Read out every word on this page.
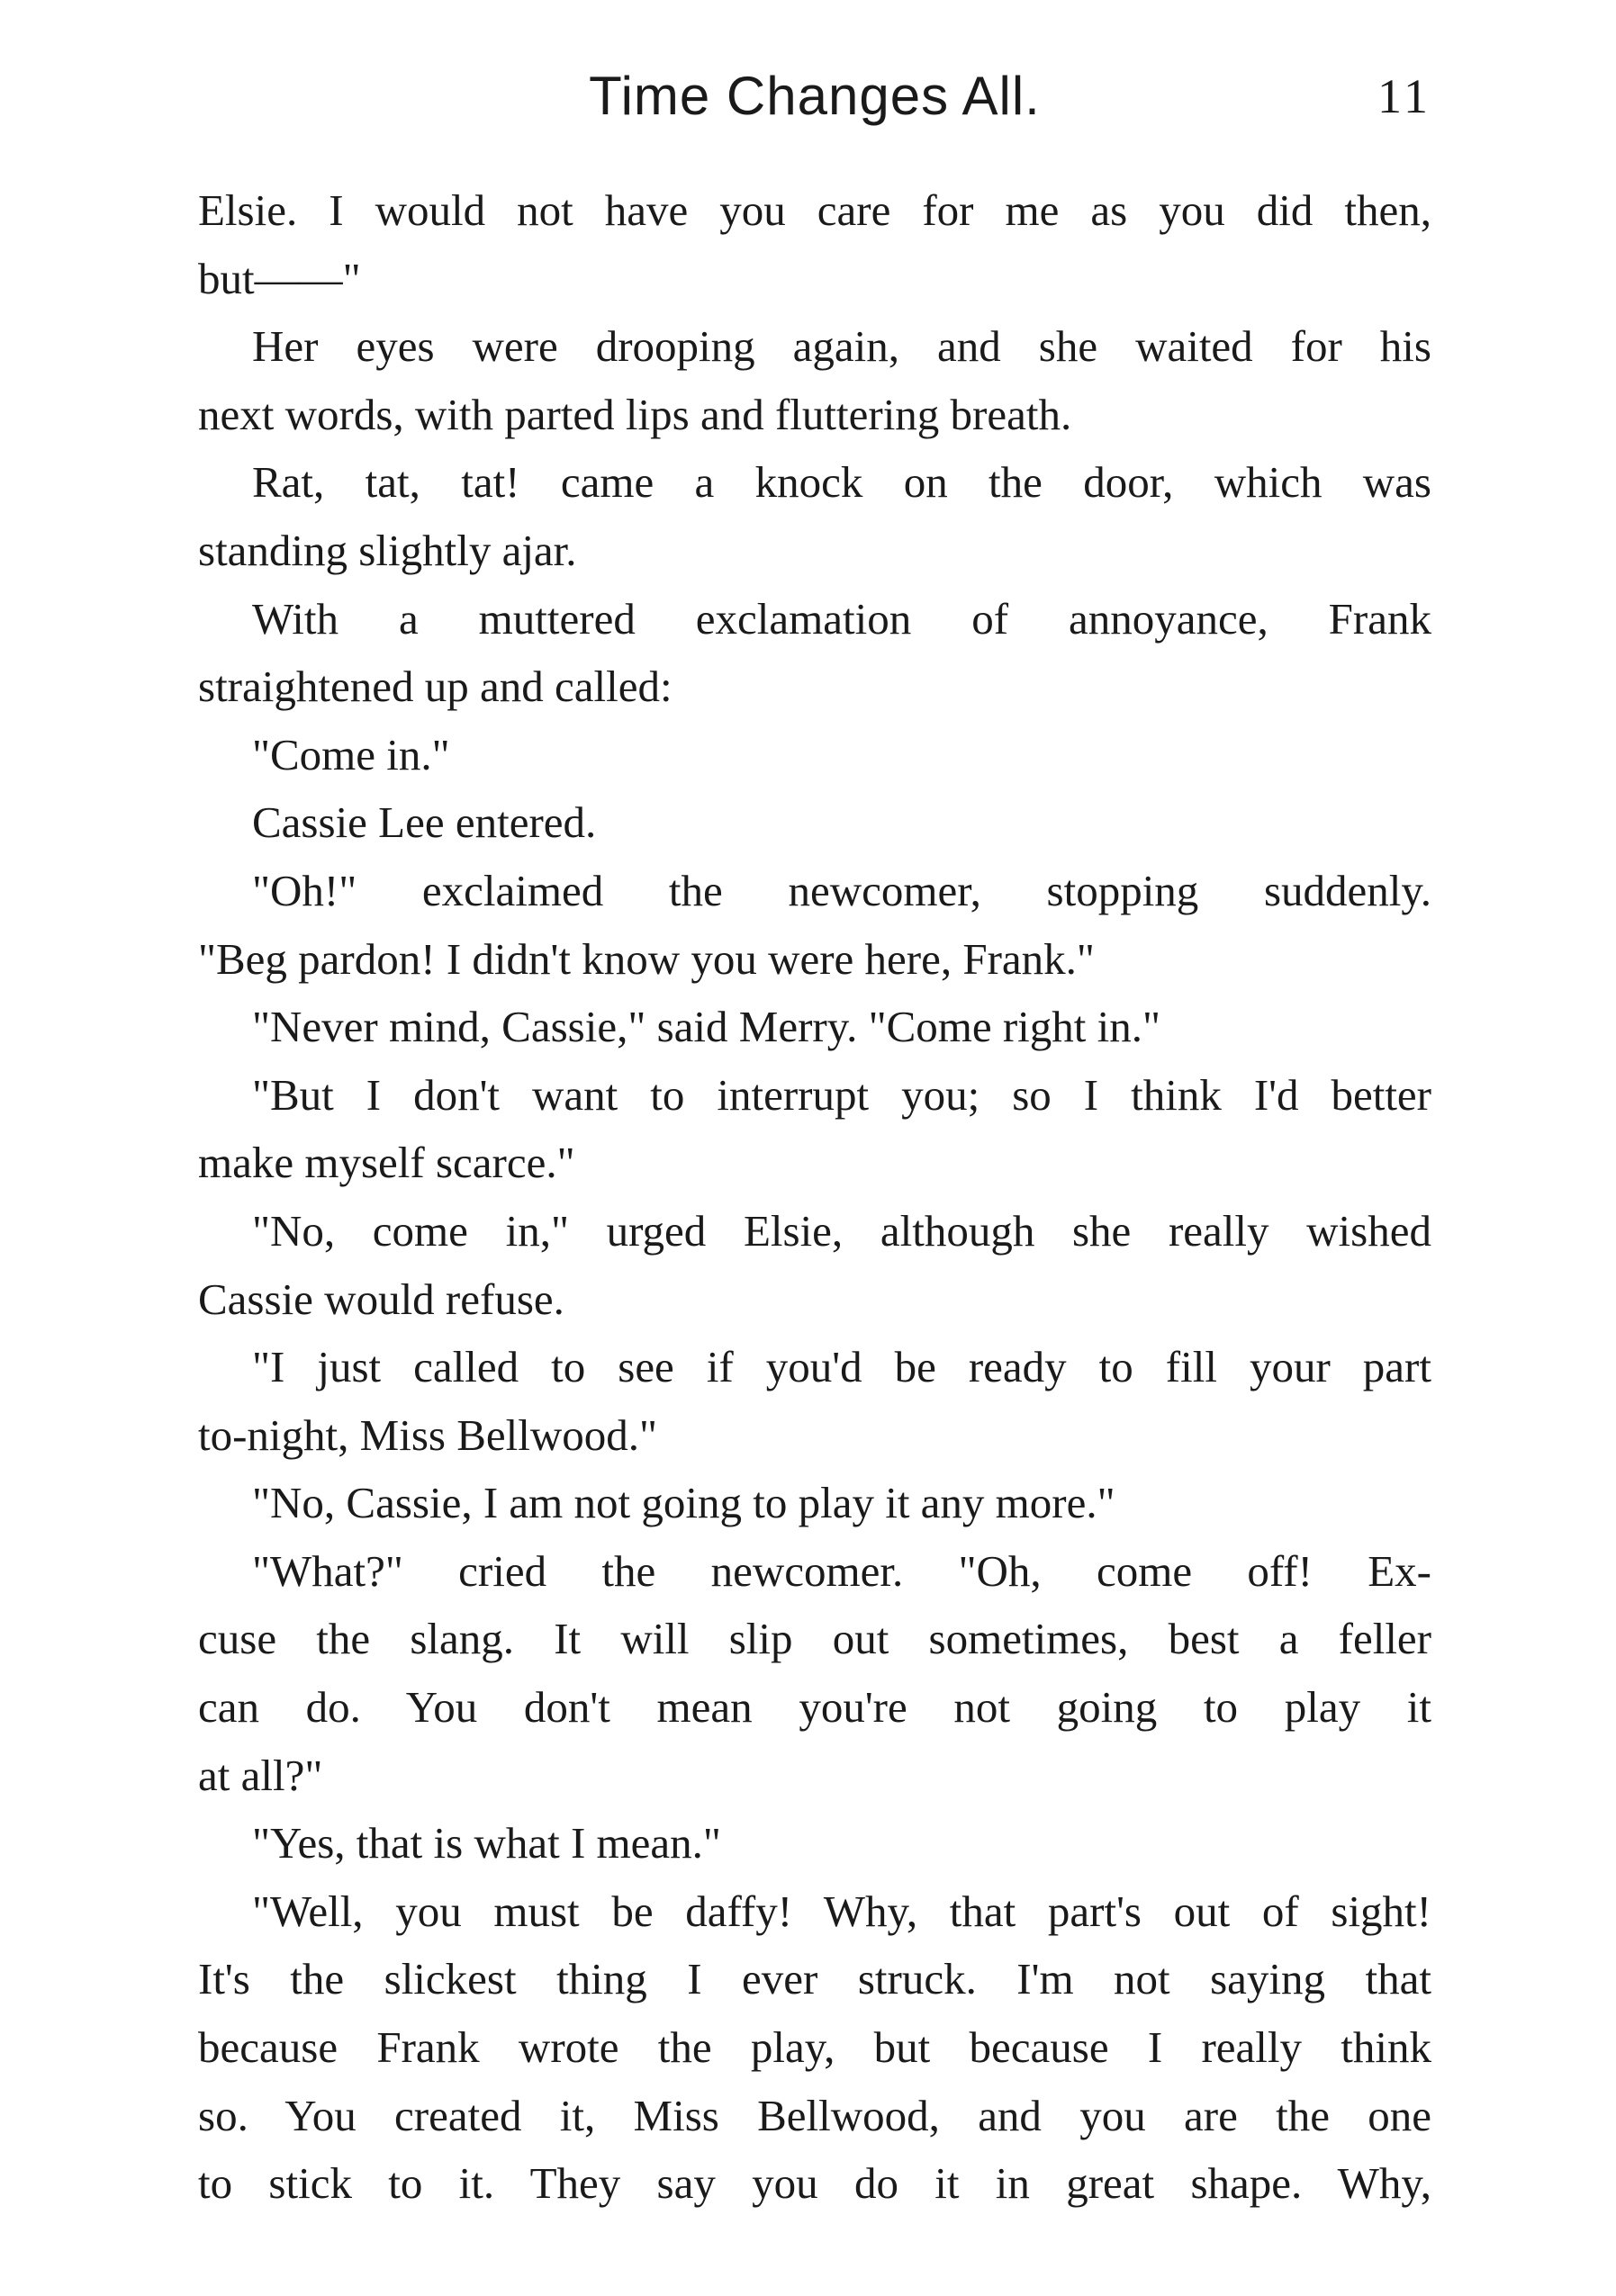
Time Changes All.	11
Elsie. I would not have you care for me as you did then,
but——"
Her eyes were drooping again, and she waited for his
next words, with parted lips and fluttering breath.
Rat, tat, tat! came a knock on the door, which was
standing slightly ajar.
With a muttered exclamation of annoyance, Frank
straightened up and called:
"Come in."
Cassie Lee entered.
"Oh!" exclaimed the newcomer, stopping suddenly.
"Beg pardon! I didn't know you were here, Frank."
"Never mind, Cassie," said Merry. "Come right in."
"But I don't want to interrupt you; so I think I'd better
make myself scarce."
"No, come in," urged Elsie, although she really wished
Cassie would refuse.
"I just called to see if you'd be ready to fill your part
to-night, Miss Bellwood."
"No, Cassie, I am not going to play it any more."
"What?" cried the newcomer. "Oh, come off! Ex-
cuse the slang. It will slip out sometimes, best a feller
can do. You don't mean you're not going to play it
at all?"
"Yes, that is what I mean."
"Well, you must be daffy! Why, that part's out of sight!
It's the slickest thing I ever struck. I'm not saying that
because Frank wrote the play, but because I really think
so. You created it, Miss Bellwood, and you are the one
to stick to it. They say you do it in great shape. Why,
